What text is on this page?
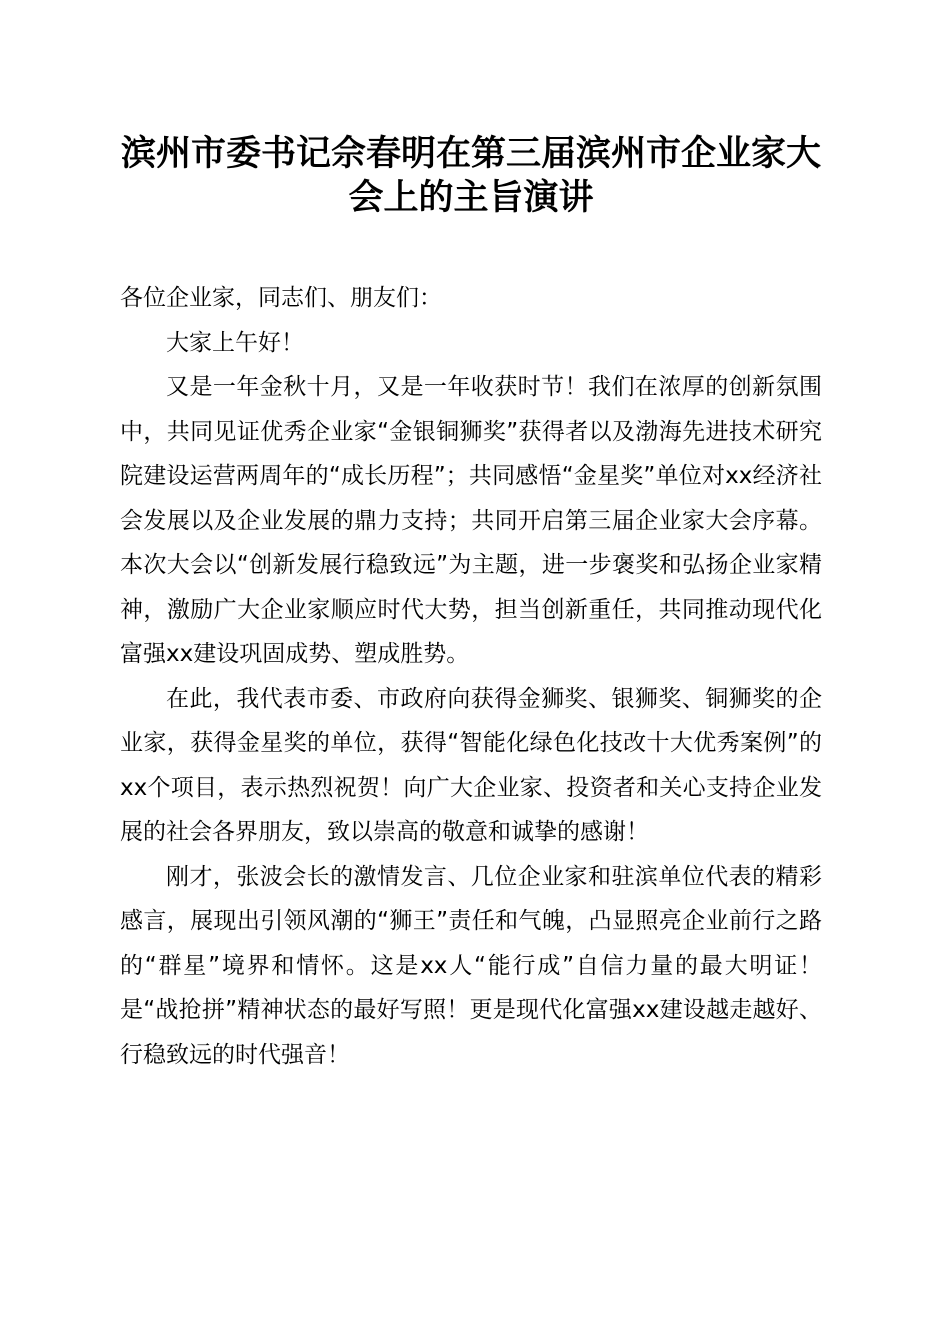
滨州市委书记佘春明在第三届滨州市企业家大会上的主旨演讲

各位企业家，同志们、朋友们：

大家上午好！

又是一年金秋十月，又是一年收获时节！我们在浓厚的创新氛围中，共同见证优秀企业家“金银铜狮奖”获得者以及渤海先进技术研究院建设运营两周年的“成长历程”；共同感悟“金星奖”单位对xx经济社会发展以及企业发展的鼎力支持；共同开启第三届企业家大会序幕。本次大会以“创新发展行稳致远”为主题，进一步褒奖和弘扬企业家精神，激励广大企业家顺应时代大势，担当创新重任，共同推动现代化富强xx建设巩固成势、塑成胜势。

在此，我代表市委、市政府向获得金狮奖、银狮奖、铜狮奖的企业家，获得金星奖的单位，获得“智能化绿色化技改十大优秀案例”的xx个项目，表示热烈祝贺！向广大企业家、投资者和关心支持企业发展的社会各界朋友，致以崇高的敬意和诚挚的感谢！

刚才，张波会长的激情发言、几位企业家和驻滨单位代表的精彩感言，展现出引领风潮的“狮王”责任和气魄，凸显照亮企业前行之路的“群星”境界和情怀。这是xx人“能行成”自信力量的最大明证！是“战抢拼”精神状态的最好写照！更是现代化富强xx建设越走越好、行稳致远的时代强音！
